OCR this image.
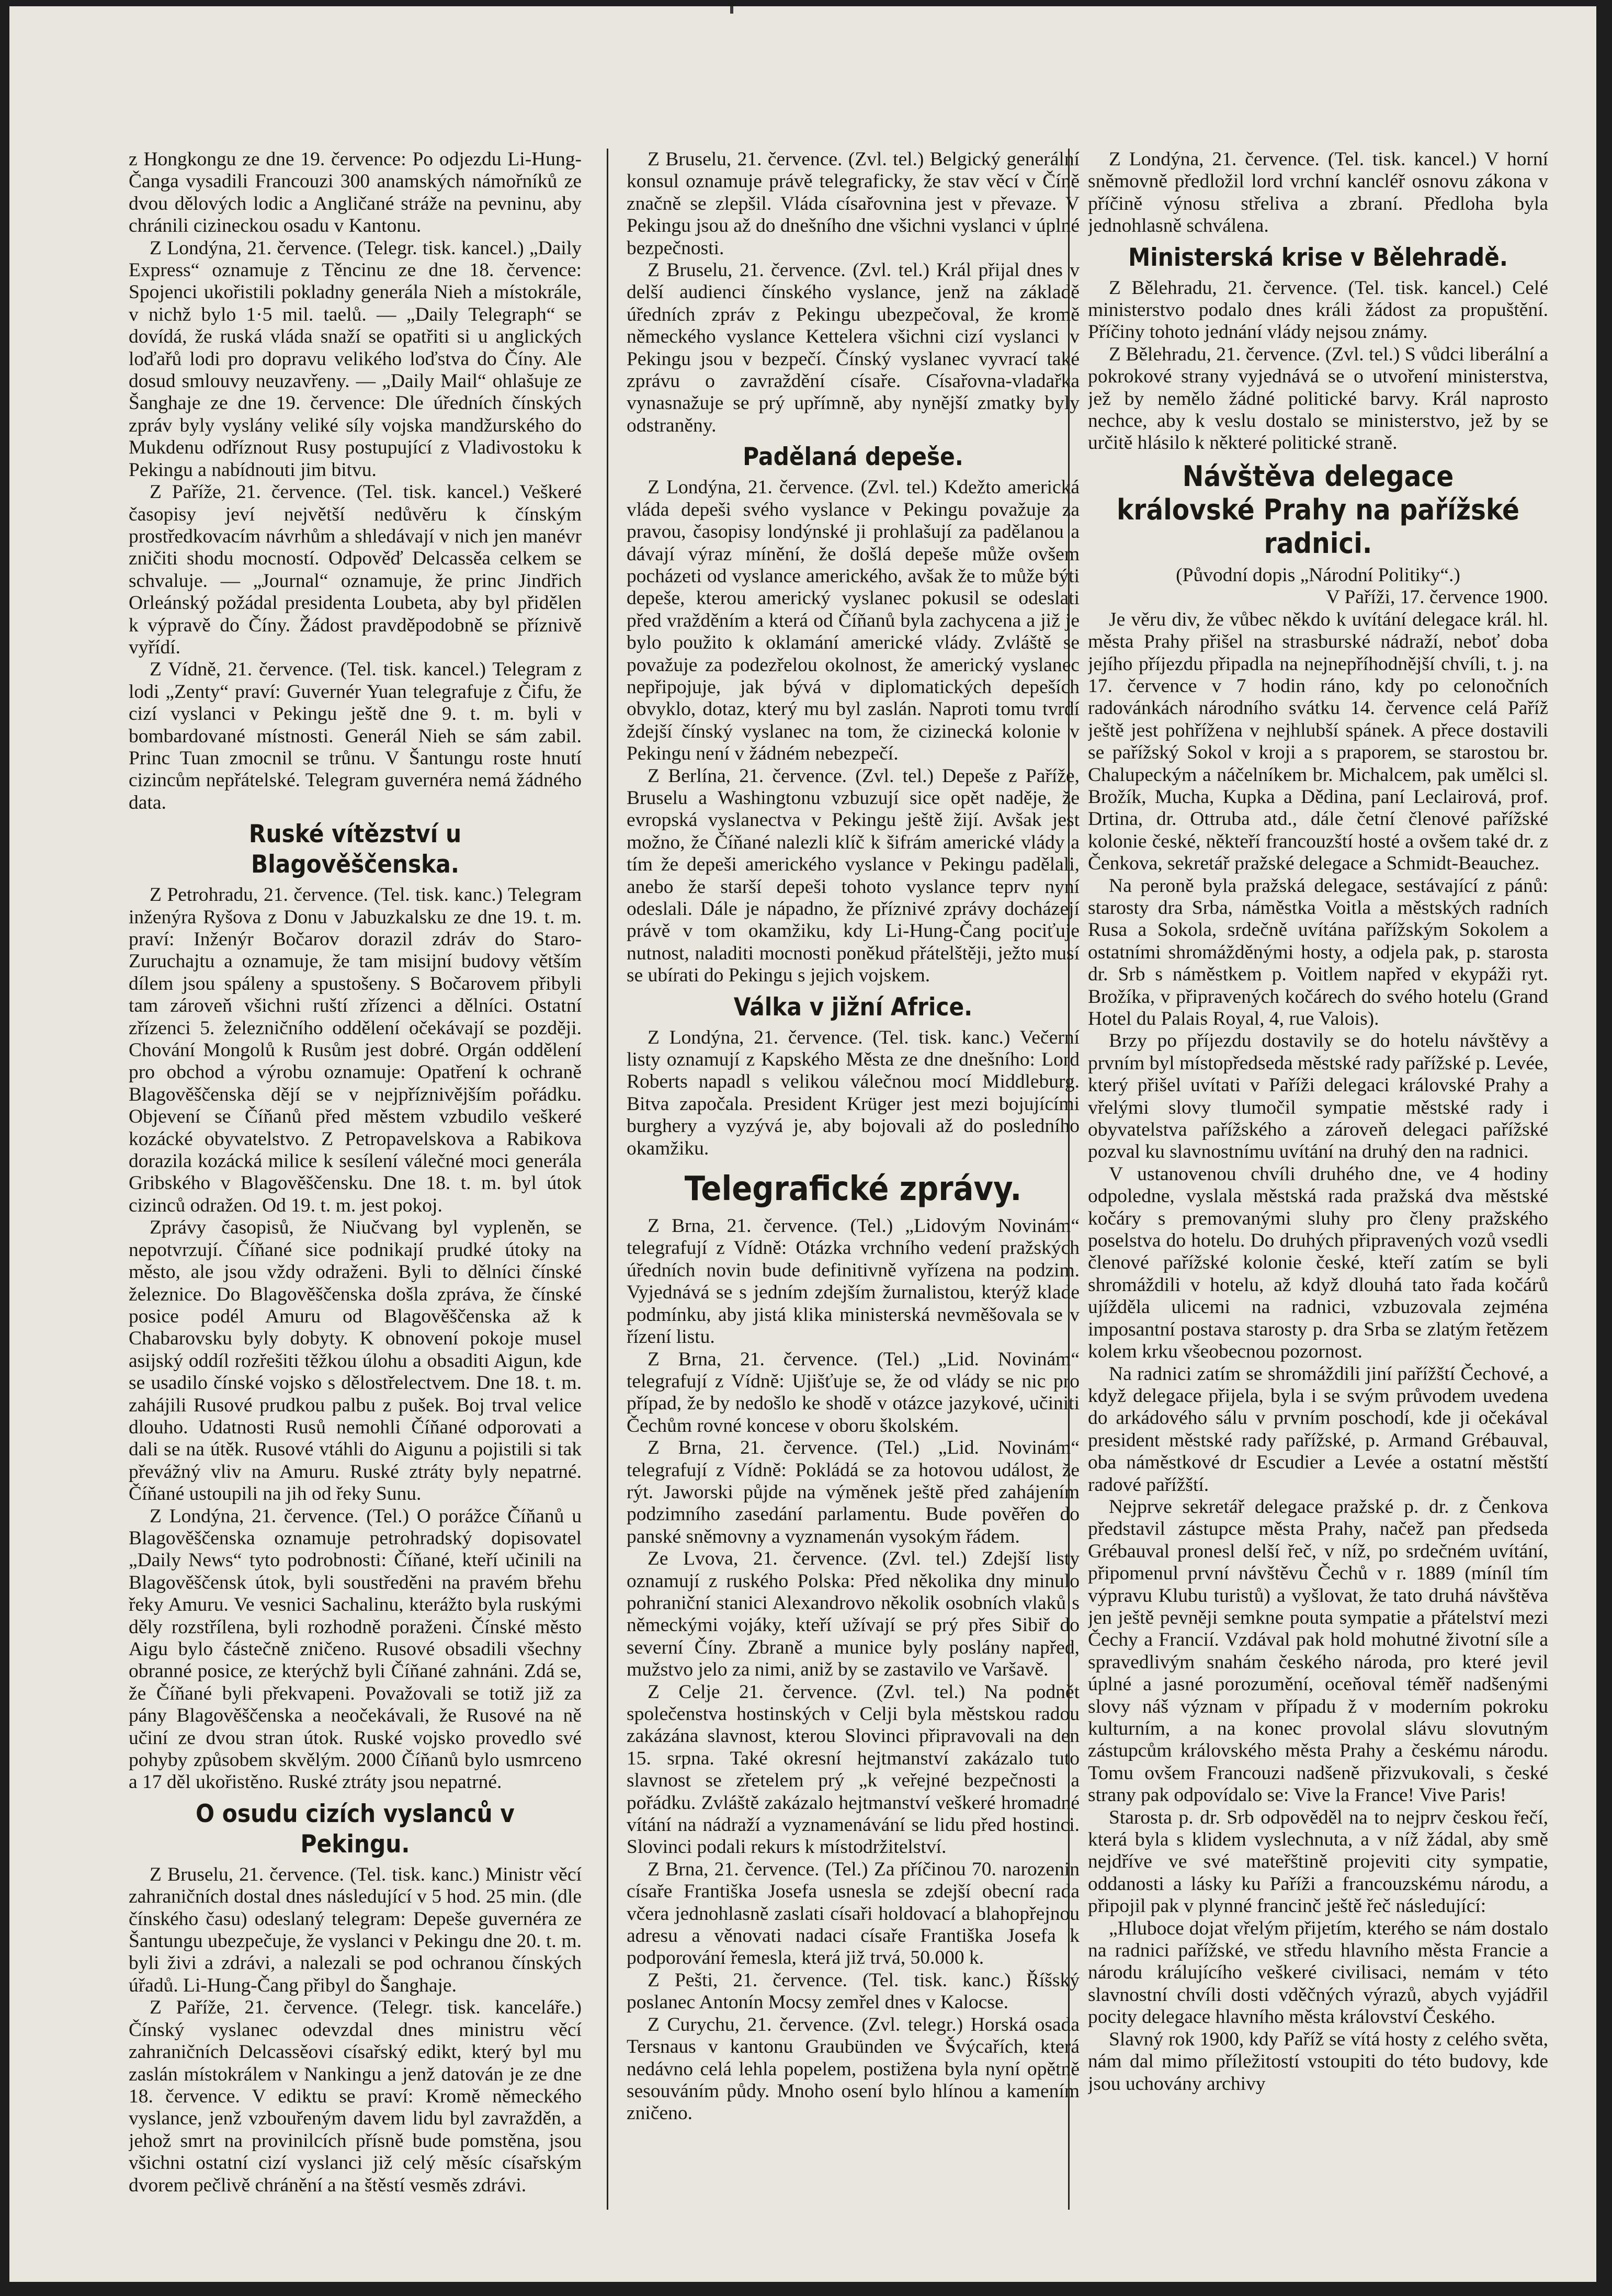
z Hongkongu ze dne 19. července: Po odjezdu Li-Hung-Čanga vysadili Francouzi 300 anamských námořníků ze dvou dělových lodic a Angličané stráže na pevninu, aby chránili cizineckou osadu v Kantonu.

Z Londýna, 21. července. (Telegr. tisk. kancel.) „Daily Express“ oznamuje z Těncinu ze dne 18. července: Spojenci ukořistili pokladny generála Nieh a místokrále, v nichž bylo 1·5 mil. taelů. — „Daily Telegraph“ se dovídá, že ruská vláda snaží se opatřiti si u anglických loďařů lodi pro dopravu velikého loďstva do Číny. Ale dosud smlouvy neuzavřeny. — „Daily Mail“ ohlašuje ze Šanghaje ze dne 19. července: Dle úředních čínských zpráv byly vyslány veliké síly vojska mandžurského do Mukdenu odříznout Rusy postupující z Vladivostoku k Pekingu a nabídnouti jim bitvu.

Z Paříže, 21. července. (Tel. tisk. kancel.) Veškeré časopisy jeví největší nedůvěru k čínským prostředkovacím návrhům a shledávají v nich jen manévr zničiti shodu mocností. Odpověď Delcassěa celkem se schvaluje. — „Journal“ oznamuje, že princ Jindřich Orleánský požádal presidenta Loubeta, aby byl přidělen k výpravě do Číny. Žádost pravděpodobně se příznivě vyřídí.

Z Vídně, 21. července. (Tel. tisk. kancel.) Telegram z lodi „Zenty“ praví: Guvernér Yuan telegrafuje z Čifu, že cizí vyslanci v Pekingu ještě dne 9. t. m. byli v bombardované místnosti. Generál Nieh se sám zabil. Princ Tuan zmocnil se trůnu. V Šantungu roste hnutí cizincům nepřátelské. Telegram guvernéra nemá žádného data.

Ruské vítězství u Blagověščenska.

Z Petrohradu, 21. července. (Tel. tisk. kanc.) Telegram inženýra Ryšova z Donu v Jabuzkalsku ze dne 19. t. m. praví: Inženýr Bočarov dorazil zdráv do Staro-Zuruchajtu a oznamuje, že tam misijní budovy větším dílem jsou spáleny a spustošeny. S Bočarovem přibyli tam zároveň všichni ruští zřízenci a dělníci. Ostatní zřízenci 5. železničního oddělení očekávají se později. Chování Mongolů k Rusům jest dobré. Orgán oddělení pro obchod a výrobu oznamuje: Opatření k ochraně Blagověščenska dějí se v nejpříznivějším pořádku. Objevení se Číňanů před městem vzbudilo veškeré kozácké obyvatelstvo. Z Petropavelskova a Rabikova dorazila kozácká milice k sesílení válečné moci generála Gribského v Blagověščensku. Dne 18. t. m. byl útok cizinců odražen. Od 19. t. m. jest pokoj.

Zprávy časopisů, že Niučvang byl vypleněn, se nepotvrzují. Číňané sice podnikají prudké útoky na město, ale jsou vždy odraženi. Byli to dělníci čínské železnice. Do Blagověščenska došla zpráva, že čínské posice podél Amuru od Blagověščenska až k Chabarovsku byly dobyty. K obnovení pokoje musel asijský oddíl rozřešiti těžkou úlohu a obsaditi Aigun, kde se usadilo čínské vojsko s dělostřelectvem. Dne 18. t. m. zahájili Rusové prudkou palbu z pušek. Boj trval velice dlouho. Udatnosti Rusů nemohli Číňané odporovati a dali se na útěk. Rusové vtáhli do Aigunu a pojistili si tak převážný vliv na Amuru. Ruské ztráty byly nepatrné. Číňané ustoupili na jih od řeky Sunu.

Z Londýna, 21. července. (Tel.) O porážce Číňanů u Blagověščenska oznamuje petrohradský dopisovatel „Daily News“ tyto podrobnosti: Číňané, kteří učinili na Blagověščensk útok, byli soustředěni na pravém břehu řeky Amuru. Ve vesnici Sachalinu, kterážto byla ruskými děly rozstřílena, byli rozhodně poraženi. Čínské město Aigu bylo částečně zničeno. Rusové obsadili všechny obranné posice, ze kterýchž byli Číňané zahnáni. Zdá se, že Číňané byli překvapeni. Považovali se totiž již za pány Blagověščenska a neočekávali, že Rusové na ně učiní ze dvou stran útok. Ruské vojsko provedlo své pohyby způsobem skvělým. 2000 Číňanů bylo usmrceno a 17 děl ukořistěno. Ruské ztráty jsou nepatrné.

O osudu cizích vyslanců v Pekingu.

Z Bruselu, 21. července. (Tel. tisk. kanc.) Ministr věcí zahraničních dostal dnes následující v 5 hod. 25 min. (dle čínského času) odeslaný telegram: Depeše guvernéra ze Šantungu ubezpečuje, že vyslanci v Pekingu dne 20. t. m. byli živi a zdrávi, a nalezali se pod ochranou čínských úřadů. Li-Hung-Čang přibyl do Šanghaje.

Z Paříže, 21. července. (Telegr. tisk. kanceláře.) Čínský vyslanec odevzdal dnes ministru věcí zahraničních Delcassěovi císařský edikt, který byl mu zaslán místokrálem v Nankingu a jenž datován je ze dne 18. července. V ediktu se praví: Kromě německého vyslance, jenž vzbouřeným davem lidu byl zavražděn, a jehož smrt na provinilcích přísně bude pomstěna, jsou všichni ostatní cizí vyslanci již celý měsíc císařským dvorem pečlivě chránění a na štěstí vesměs zdrávi.

Z Bruselu, 21. července. (Zvl. tel.) Belgický generální konsul oznamuje právě telegraficky, že stav věcí v Číně značně se zlepšil. Vláda císařovnina jest v převaze. V Pekingu jsou až do dnešního dne všichni vyslanci v úplné bezpečnosti.

Z Bruselu, 21. července. (Zvl. tel.) Král přijal dnes v delší audienci čínského vyslance, jenž na základě úředních zpráv z Pekingu ubezpečoval, že kromě německého vyslance Kettelera všichni cizí vyslanci v Pekingu jsou v bezpečí. Čínský vyslanec vyvrací také zprávu o zavraždění císaře. Císařovna-vladařka vynasnažuje se prý upřímně, aby nynější zmatky byly odstraněny.

Padělaná depeše.

Z Londýna, 21. července. (Zvl. tel.) Kdežto americká vláda depeši svého vyslance v Pekingu považuje za pravou, časopisy londýnské ji prohlašují za padělanou a dávají výraz mínění, že došlá depeše může ovšem pocházeti od vyslance amerického, avšak že to může býti depeše, kterou americký vyslanec pokusil se odeslati před vražděním a která od Číňanů byla zachycena a již je bylo použito k oklamání americké vlády. Zvláště se považuje za podezřelou okolnost, že americký vyslanec nepřipojuje, jak bývá v diplomatických depeších obvyklo, dotaz, který mu byl zaslán. Naproti tomu tvrdí ždejší čínský vyslanec na tom, že cizinecká kolonie v Pekingu není v žádném nebezpečí.

Z Berlína, 21. července. (Zvl. tel.) Depeše z Paříže, Bruselu a Washingtonu vzbuzují sice opět naděje, že evropská vyslanectva v Pekingu ještě žijí. Avšak jest možno, že Číňané nalezli klíč k šifrám americké vlády a tím že depeši amerického vyslance v Pekingu padělali, anebo že starší depeši tohoto vyslance teprv nyní odeslali. Dále je nápadno, že příznivé zprávy docházejí právě v tom okamžiku, kdy Li-Hung-Čang pociťuje nutnost, naladiti mocnosti poněkud přátelštěji, ježto musí se ubírati do Pekingu s jejich vojskem.

Válka v jižní Africe.

Z Londýna, 21. července. (Tel. tisk. kanc.) Večerní listy oznamují z Kapského Města ze dne dnešního: Lord Roberts napadl s velikou válečnou mocí Middleburg. Bitva započala. President Krüger jest mezi bojujícími burghery a vyzývá je, aby bojovali až do posledního okamžiku.

Telegrafické zprávy.

Z Brna, 21. července. (Tel.) „Lidovým Novinám“ telegrafují z Vídně: Otázka vrchního vedení pražských úředních novin bude definitivně vyřízena na podzim. Vyjednává se s jedním zdejším žurnalistou, kterýž klade podmínku, aby jistá klika ministerská nevměšovala se v řízení listu.

Z Brna, 21. července. (Tel.) „Lid. Novinám“ telegrafují z Vídně: Ujišťuje se, že od vlády se nic pro případ, že by nedošlo ke shodě v otázce jazykové, učiniti Čechům rovné koncese v oboru školském.

Z Brna, 21. července. (Tel.) „Lid. Novinám“ telegrafují z Vídně: Pokládá se za hotovou událost, že rýt. Jaworski půjde na výměnek ještě před zahájením podzimního zasedání parlamentu. Bude pověřen do panské sněmovny a vyznamenán vysokým řádem.

Ze Lvova, 21. července. (Zvl. tel.) Zdejší listy oznamují z ruského Polska: Před několika dny minulo pohraniční stanici Alexandrovo několik osobních vlaků s německými vojáky, kteří užívají se prý přes Sibiř do severní Číny. Zbraně a munice byly poslány napřed, mužstvo jelo za nimi, aniž by se zastavilo ve Varšavě.

Z Celje 21. července. (Zvl. tel.) Na podnět společenstva hostinských v Celji byla městskou radou zakázána slavnost, kterou Slovinci připravovali na den 15. srpna. Také okresní hejtmanství zakázalo tuto slavnost se zřetelem prý „k veřejné bezpečnosti a pořádku. Zvláště zakázalo hejtmanství veškeré hromadné vítání na nádraží a vyznamenávání se lidu před hostinci. Slovinci podali rekurs k místodržitelství.

Z Brna, 21. července. (Tel.) Za příčinou 70. narozenin císaře Františka Josefa usnesla se zdejší obecní rada včera jednohlasně zaslati císaři holdovací a blahopřejnou adresu a věnovati nadaci císaře Františka Josefa k podporování řemesla, která již trvá, 50.000 k.

Z Pešti, 21. července. (Tel. tisk. kanc.) Říšský poslanec Antonín Mocsy zemřel dnes v Kalocse.

Z Curychu, 21. července. (Zvl. telegr.) Horská osada Tersnaus v kantonu Graubünden ve Švýcařích, která nedávno celá lehla popelem, postižena byla nyní opětně sesouváním půdy. Mnoho osení bylo hlínou a kamením zničeno.

Z Londýna, 21. července. (Tel. tisk. kancel.) V horní sněmovně předložil lord vrchní kancléř osnovu zákona v příčině výnosu střeliva a zbraní. Předloha byla jednohlasně schválena.

Ministerská krise v Bělehradě.

Z Bělehradu, 21. července. (Tel. tisk. kancel.) Celé ministerstvo podalo dnes králi žádost za propuštění. Příčiny tohoto jednání vlády nejsou známy.

Z Bělehradu, 21. července. (Zvl. tel.) S vůdci liberální a pokrokové strany vyjednává se o utvoření ministerstva, jež by nemělo žádné politické barvy. Král naprosto nechce, aby k veslu dostalo se ministerstvo, jež by se určitě hlásilo k některé politické straně.

Návštěva delegace královské Prahy na pařížské radnici.

(Původní dopis „Národní Politiky“.)

V Paříži, 17. července 1900.

Je věru div, že vůbec někdo k uvítání delegace král. hl. města Prahy přišel na strasburské nádraží, neboť doba jejího příjezdu připadla na nejnepříhodnější chvíli, t. j. na 17. července v 7 hodin ráno, kdy po celonočních radovánkách národního svátku 14. července celá Paříž ještě jest pohřížena v nejhlubší spánek. A přece dostavili se pařížský Sokol v kroji a s praporem, se starostou br. Chalupeckým a náčelníkem br. Michalcem, pak umělci sl. Brožík, Mucha, Kupka a Dědina, paní Leclairová, prof. Drtina, dr. Ottruba atd., dále četní členové pařížské kolonie české, někteří francouzští hosté a ovšem také dr. z Čenkova, sekretář pražské delegace a Schmidt-Beauchez.

Na peroně byla pražská delegace, sestávající z pánů: starosty dra Srba, náměstka Voitla a městských radních Rusa a Sokola, srdečně uvítána pařížským Sokolem a ostatními shromážděnými hosty, a odjela pak, p. starosta dr. Srb s náměstkem p. Voitlem napřed v ekypáži ryt. Brožíka, v připravených kočárech do svého hotelu (Grand Hotel du Palais Royal, 4, rue Valois).

Brzy po příjezdu dostavily se do hotelu návštěvy a prvním byl místopředseda městské rady pařížské p. Levée, který přišel uvítati v Paříži delegaci královské Prahy a vřelými slovy tlumočil sympatie městské rady i obyvatelstva pařížského a zároveň delegaci pařížské pozval ku slavnostnímu uvítání na druhý den na radnici.

V ustanovenou chvíli druhého dne, ve 4 hodiny odpoledne, vyslala městská rada pražská dva městské kočáry s premovanými sluhy pro členy pražského poselstva do hotelu. Do druhých připravených vozů vsedli členové pařížské kolonie české, kteří zatím se byli shromáždili v hotelu, až když dlouhá tato řada kočárů ujížděla ulicemi na radnici, vzbuzovala zejména imposantní postava starosty p. dra Srba se zlatým řetězem kolem krku všeobecnou pozornost.

Na radnici zatím se shromáždili jiní pařížští Čechové, a když delegace přijela, byla i se svým průvodem uvedena do arkádového sálu v prvním poschodí, kde ji očekával president městské rady pařížské, p. Armand Grébauval, oba náměstkové dr Escudier a Levée a ostatní městští radové pařížští.

Nejprve sekretář delegace pražské p. dr. z Čenkova představil zástupce města Prahy, načež pan předseda Grébauval pronesl delší řeč, v níž, po srdečném uvítání, připomenul první návštěvu Čechů v r. 1889 (míníl tím výpravu Klubu turistů) a vyšlovat, že tato druhá návštěva jen ještě pevněji semkne pouta sympatie a přátelství mezi Čechy a Francií. Vzdával pak hold mohutné životní síle a spravedlivým snahám českého národa, pro které jevil úplné a jasné porozumění, oceňoval téměř nadšenými slovy náš význam v případu ž v moderním pokroku kulturním, a na konec provolal slávu slovutným zástupcům královského města Prahy a českému národu. Tomu ovšem Francouzi nadšeně přizvukovali, s české strany pak odpovídalo se: Vive la France! Vive Paris!

Starosta p. dr. Srb odpověděl na to nejprv českou řečí, která byla s klidem vyslechnuta, a v níž žádal, aby smě nejdříve ve své mateřštině projeviti city sympatie, oddanosti a lásky ku Paříži a francouzskému národu, a připojil pak v plynné francinč ještě řeč následující:

„Hluboce dojat vřelým přijetím, kterého se nám dostalo na radnici pařížské, ve středu hlavního města Francie a národu králujícího veškeré civilisaci, nemám v této slavnostní chvíli dosti vděčných výrazů, abych vyjádřil pocity delegace hlavního města království Českého.

Slavný rok 1900, kdy Paříž se vítá hosty z celého světa, nám dal mimo příležitostí vstoupiti do této budovy, kde jsou uchovány archivy
